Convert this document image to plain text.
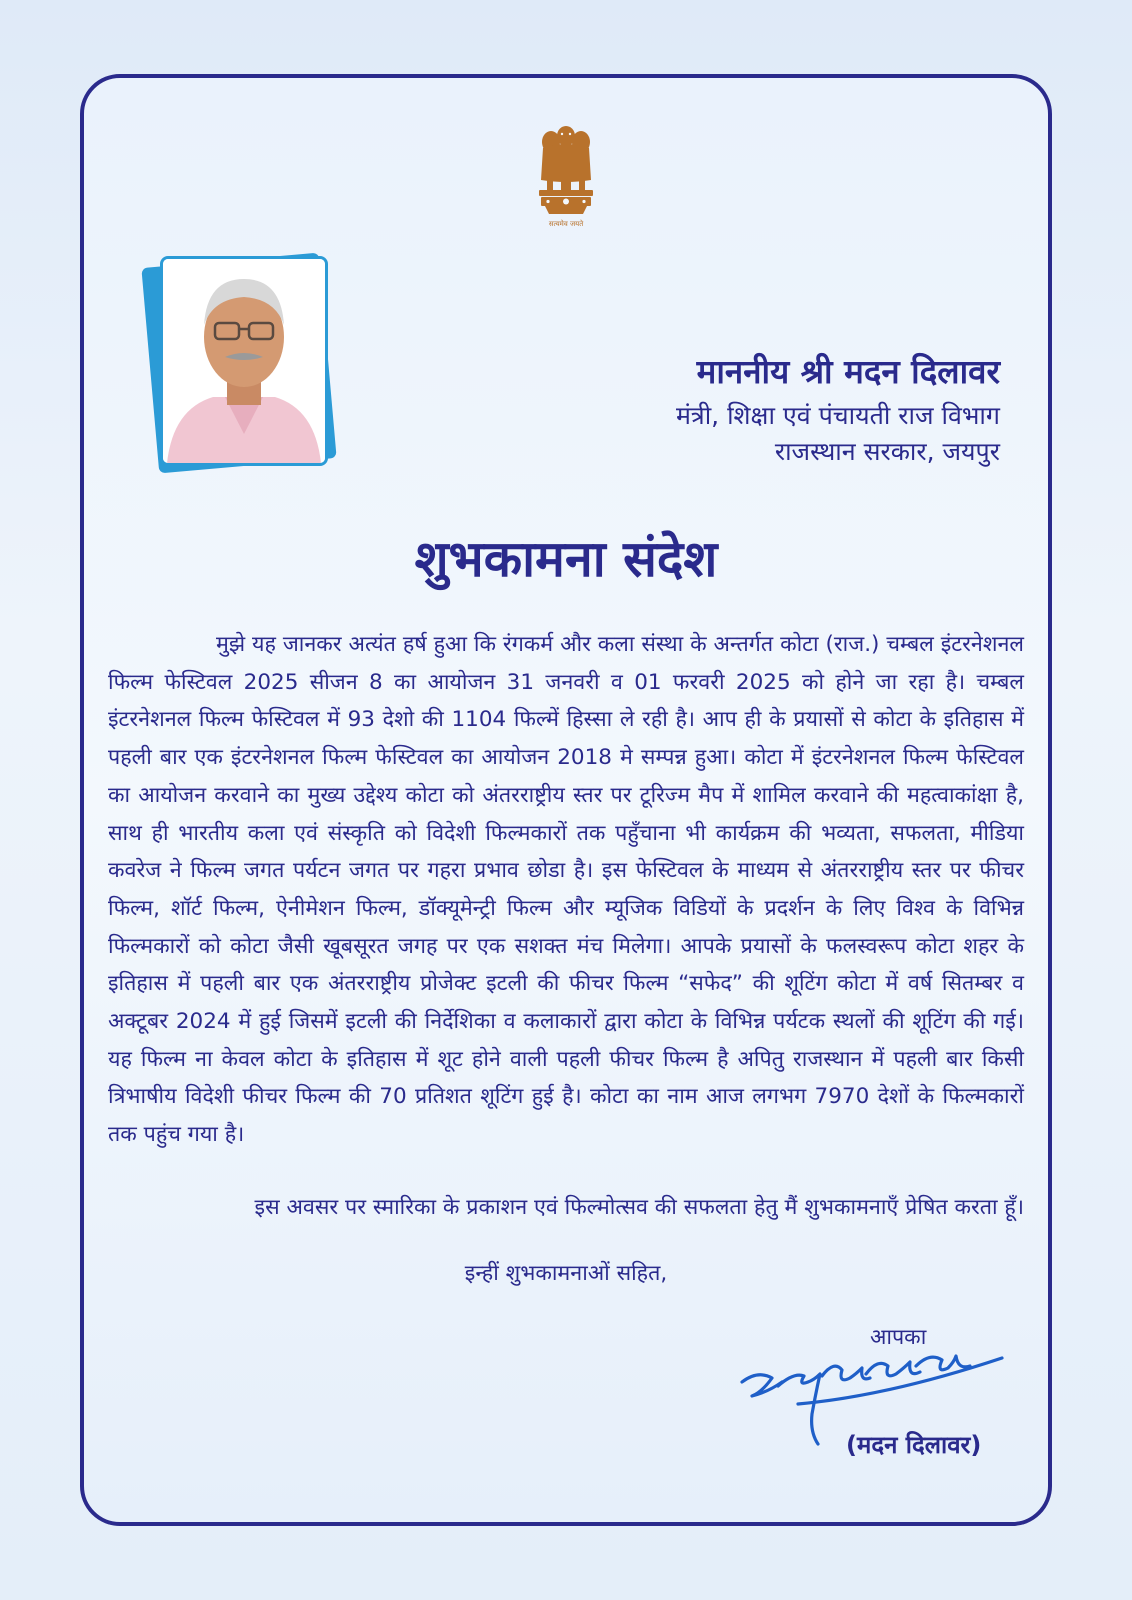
सत्यमेव जयते
माननीय श्री मदन दिलावर
मंत्री, शिक्षा एवं पंचायती राज विभाग
राजस्थान सरकार, जयपुर
शुभकामना संदेश

मुझे यह जानकर अत्यंत हर्ष हुआ कि रंगकर्म और कला संस्था के अन्तर्गत कोटा (राज.) चम्बल इंटरनेशनल फिल्म फेस्टिवल 2025 सीजन 8 का आयोजन 31 जनवरी व 01 फरवरी 2025 को होने जा रहा है। चम्बल इंटरनेशनल फिल्म फेस्टिवल में 93 देशो की 1104 फिल्में हिस्सा ले रही है। आप ही के प्रयासों से कोटा के इतिहास में पहली बार एक इंटरनेशनल फिल्म फेस्टिवल का आयोजन 2018 मे सम्पन्न हुआ। कोटा में इंटरनेशनल फिल्म फेस्टिवल का आयोजन करवाने का मुख्य उद्देश्य कोटा को अंतरराष्ट्रीय स्तर पर टूरिज्म मैप में शामिल करवाने की महत्वाकांक्षा है, साथ ही भारतीय कला एवं संस्कृति को विदेशी फिल्मकारों तक पहुँचाना भी कार्यक्रम की भव्यता, सफलता, मीडिया कवरेज ने फिल्म जगत पर्यटन जगत पर गहरा प्रभाव छोडा है। इस फेस्टिवल के माध्यम से अंतरराष्ट्रीय स्तर पर फीचर फिल्म, शॉर्ट फिल्म, ऐनीमेशन फिल्म, डॉक्यूमेन्ट्री फिल्म और म्यूजिक विडियों के प्रदर्शन के लिए विश्व के विभिन्न फिल्मकारों को कोटा जैसी खूबसूरत जगह पर एक सशक्त मंच मिलेगा। आपके प्रयासों के फलस्वरूप कोटा शहर के इतिहास में पहली बार एक अंतरराष्ट्रीय प्रोजेक्ट इटली की फीचर फिल्म “सफेद” की शूटिंग कोटा में वर्ष सितम्बर व अक्टूबर 2024 में हुई जिसमें इटली की निर्देशिका व कलाकारों द्वारा कोटा के विभिन्न पर्यटक स्थलों की शूटिंग की गई। यह फिल्म ना केवल कोटा के इतिहास में शूट होने वाली पहली फीचर फिल्म है अपितु राजस्थान में पहली बार किसी त्रिभाषीय विदेशी फीचर फिल्म की 70 प्रतिशत शूटिंग हुई है। कोटा का नाम आज लगभग 7970 देशों के फिल्मकारों तक पहुंच गया है।

इस अवसर पर स्मारिका के प्रकाशन एवं फिल्मोत्सव की सफलता हेतु मैं शुभकामनाएँ प्रेषित करता हूँ।

इन्हीं शुभकामनाओं सहित,

आपका

(मदन दिलावर)
